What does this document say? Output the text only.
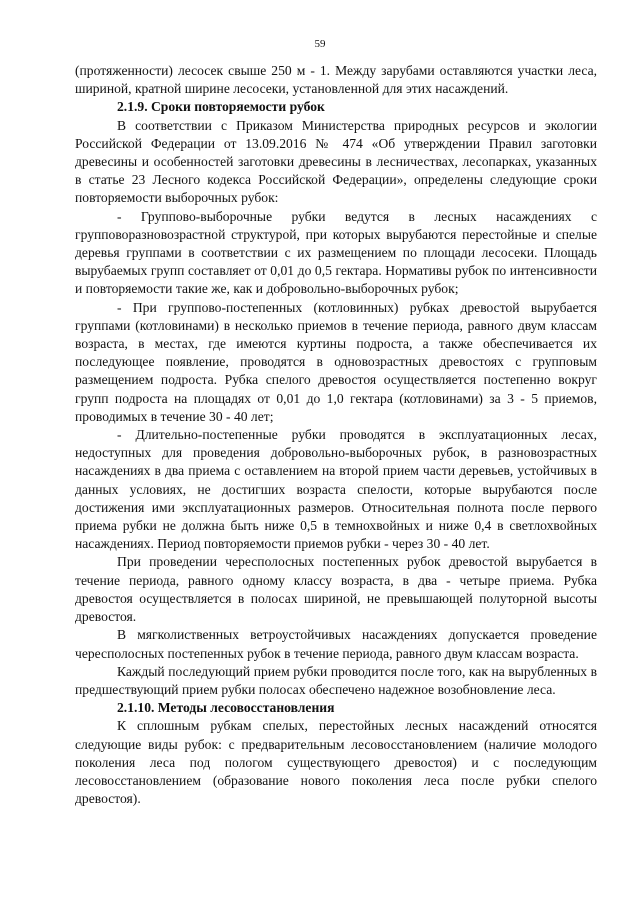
59

(протяженности) лесосек свыше 250 м - 1. Между зарубами оставляются участки леса, шириной, кратной ширине лесосеки, установленной для этих насаждений.

2.1.9. Сроки повторяемости рубок

В соответствии с Приказом Министерства природных ресурсов и экологии Российской Федерации от 13.09.2016 № 474 «Об утверждении Правил заготовки древесины и особенностей заготовки древесины в лесничествах, лесопарках, указанных в статье 23 Лесного кодекса Российской Федерации», определены следующие сроки повторяемости выборочных рубок:

- Группово-выборочные рубки ведутся в лесных насаждениях с групповоразновозрастной структурой, при которых вырубаются перестойные и спелые деревья группами в соответствии с их размещением по площади лесосеки. Площадь вырубаемых групп составляет от 0,01 до 0,5 гектара. Нормативы рубок по интенсивности и повторяемости такие же, как и добровольно-выборочных рубок;

- При группово-постепенных (котловинных) рубках древостой вырубается группами (котловинами) в несколько приемов в течение периода, равного двум классам возраста, в местах, где имеются куртины подроста, а также обеспечивается их последующее появление, проводятся в одновозрастных древостоях с групповым размещением подроста. Рубка спелого древостоя осуществляется постепенно вокруг групп подроста на площадях от 0,01 до 1,0 гектара (котловинами) за 3 - 5 приемов, проводимых в течение 30 - 40 лет;

- Длительно-постепенные рубки проводятся в эксплуатационных лесах, недоступных для проведения добровольно-выборочных рубок, в разновозрастных насаждениях в два приема с оставлением на второй прием части деревьев, устойчивых в данных условиях, не достигших возраста спелости, которые вырубаются после достижения ими эксплуатационных размеров. Относительная полнота после первого приема рубки не должна быть ниже 0,5 в темнохвойных и ниже 0,4 в светлохвойных насаждениях. Период повторяемости приемов рубки - через 30 - 40 лет.

При проведении чересполосных постепенных рубок древостой вырубается в течение периода, равного одному классу возраста, в два - четыре приема. Рубка древостоя осуществляется в полосах шириной, не превышающей полуторной высоты древостоя.

В мягколиственных ветроустойчивых насаждениях допускается проведение чересполосных постепенных рубок в течение периода, равного двум классам возраста.

Каждый последующий прием рубки проводится после того, как на вырубленных в предшествующий прием рубки полосах обеспечено надежное возобновление леса.

2.1.10. Методы лесовосстановления

К сплошным рубкам спелых, перестойных лесных насаждений относятся следующие виды рубок: с предварительным лесовосстановлением (наличие молодого поколения леса под пологом существующего древостоя) и с последующим лесовосстановлением (образование нового поколения леса после рубки спелого древостоя).
